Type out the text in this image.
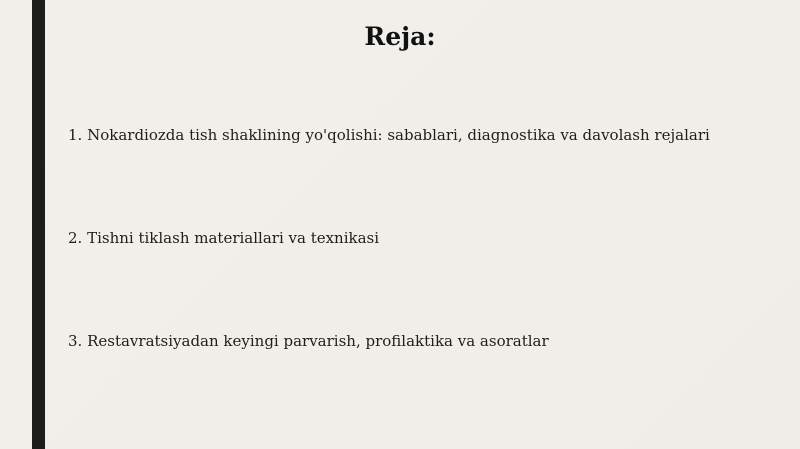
Reja:
1. Nokardiozda tish shaklining yo'qolishi: sabablari, diagnostika va davolash rejalari
2. Tishni tiklash materiallari va texnikasi
3. Restavratsiyadan keyingi parvarish, profilaktika va asoratlar
